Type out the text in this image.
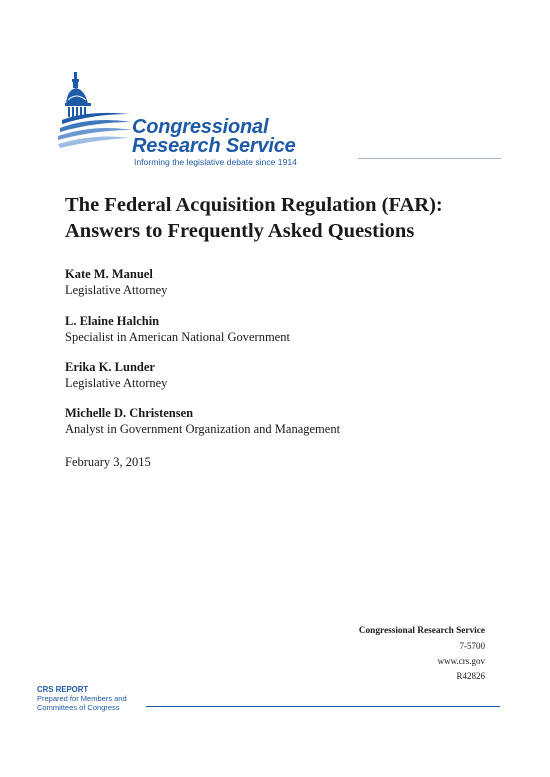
Congressional
Research Service
Informing the legislative debate since 1914
The Federal Acquisition Regulation (FAR):
Answers to Frequently Asked Questions
Kate M. Manuel
Legislative Attorney
L. Elaine Halchin
Specialist in American National Government
Erika K. Lunder
Legislative Attorney
Michelle D. Christensen
Analyst in Government Organization and Management
February 3, 2015
Congressional Research Service
7-5700
www.crs.gov
R42826
CRS REPORT
Prepared for Members and
Committees of Congress
